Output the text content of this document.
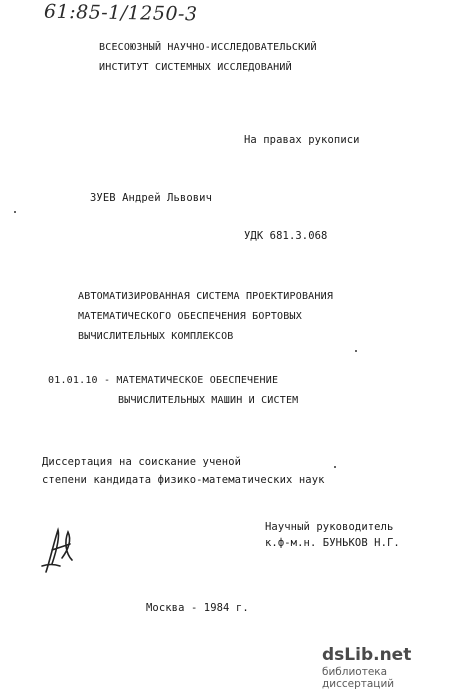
61:85-1/1250-3
ВСЕСОЮЗНЫЙ НАУЧНО-ИССЛЕДОВАТЕЛЬСКИЙ
ИНСТИТУТ СИСТЕМНЫХ ИССЛЕДОВАНИЙ
На правах рукописи
ЗУЕВ Андрей Львович
УДК 681.3.068
АВТОМАТИЗИРОВАННАЯ СИСТЕМА ПРОЕКТИРОВАНИЯ
МАТЕМАТИЧЕСКОГО ОБЕСПЕЧЕНИЯ БОРТОВЫХ
ВЫЧИСЛИТЕЛЬНЫХ КОМПЛЕКСОВ
01.01.10 - МАТЕМАТИЧЕСКОЕ ОБЕСПЕЧЕНИЕ
ВЫЧИСЛИТЕЛЬНЫХ МАШИН И СИСТЕМ
Диссертация на соискание ученой
степени кандидата физико-математических наук
Научный руководитель
к.ф-м.н. БУНЬКОВ Н.Г.
Москва - 1984 г.
dsLib.net
библиотека диссертаций
